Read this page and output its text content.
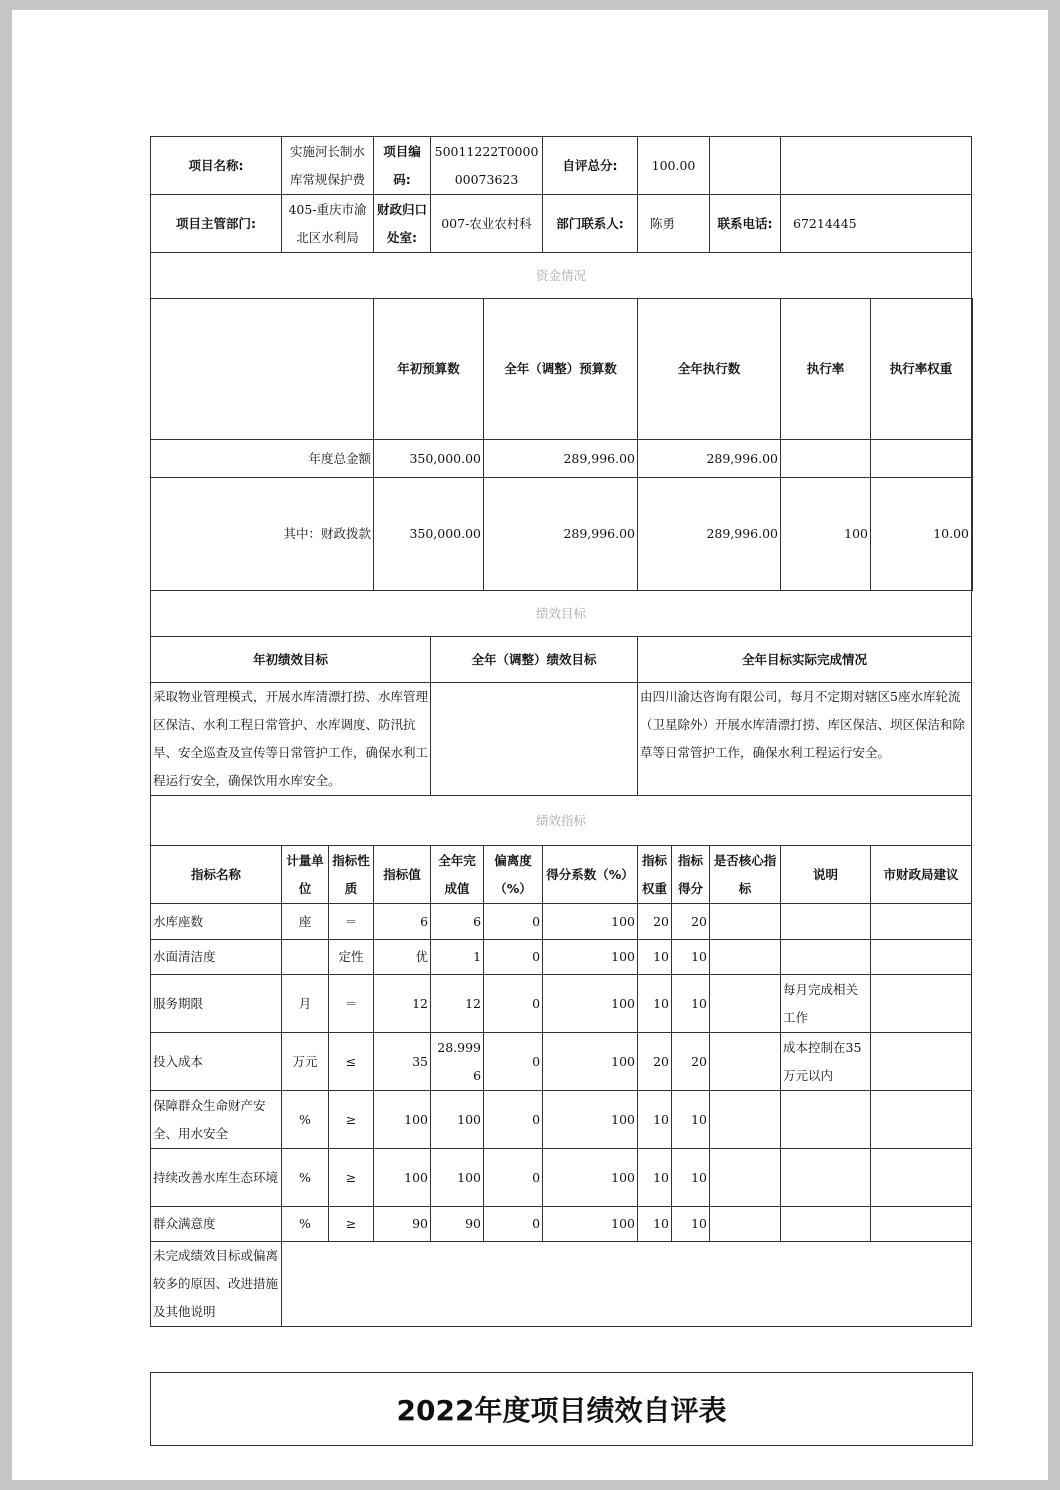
项目名称:	实施河长制水库常规保护费		项目编码:	50011222T000000073623		自评总分:	100.00					
项目主管部门:	405-重庆市渝北区水利局		财政归口处室:	007-农业农村科		部门联系人:	陈勇		联系电话:	67214445		
资金情况												
			年初预算数		全年（调整）预算数		全年执行数			执行率	执行率权重	
年度总金额			350,000.00		289,996.00		289,996.00					
其中：财政拨款			350,000.00		289,996.00		289,996.00			100	10.00	
绩效目标												
年初绩效目标				全年（调整）绩效目标			全年目标实际完成情况					
采取物业管理模式，开展水库清漂打捞、水库管理区保洁、水利工程日常管护、水库调度、防汛抗旱、安全巡查及宣传等日常管护工作，确保水利工程运行安全，确保饮用水库安全。							由四川渝达咨询有限公司，每月不定期对辖区5座水库轮流（卫星除外）开展水库清漂打捞、库区保洁、坝区保洁和除草等日常管护工作，确保水利工程运行安全。					
绩效指标												
指标名称	计量单位	指标性质	指标值	全年完成值	偏离度（%）	得分系数（%）	指标权重	指标得分	是否核心指标	说明	市财政局建议	
水库座数	座	＝	6	6	0	100	20	20				
水面清洁度		定性	优	1	0	100	10	10				
服务期限	月	＝	12	12	0	100	10	10		每月完成相关工作		
投入成本	万元	≤	35	28.9996	0	100	20	20		成本控制在35万元以内		
保障群众生命财产安全、用水安全	%	≥	100	100	0	100	10	10				
持续改善水库生态环境	%	≥	100	100	0	100	10	10				
群众满意度	%	≥	90	90	0	100	10	10				
未完成绩效目标或偏离较多的原因、改进措施及其他说明												
2022年度项目绩效自评表
